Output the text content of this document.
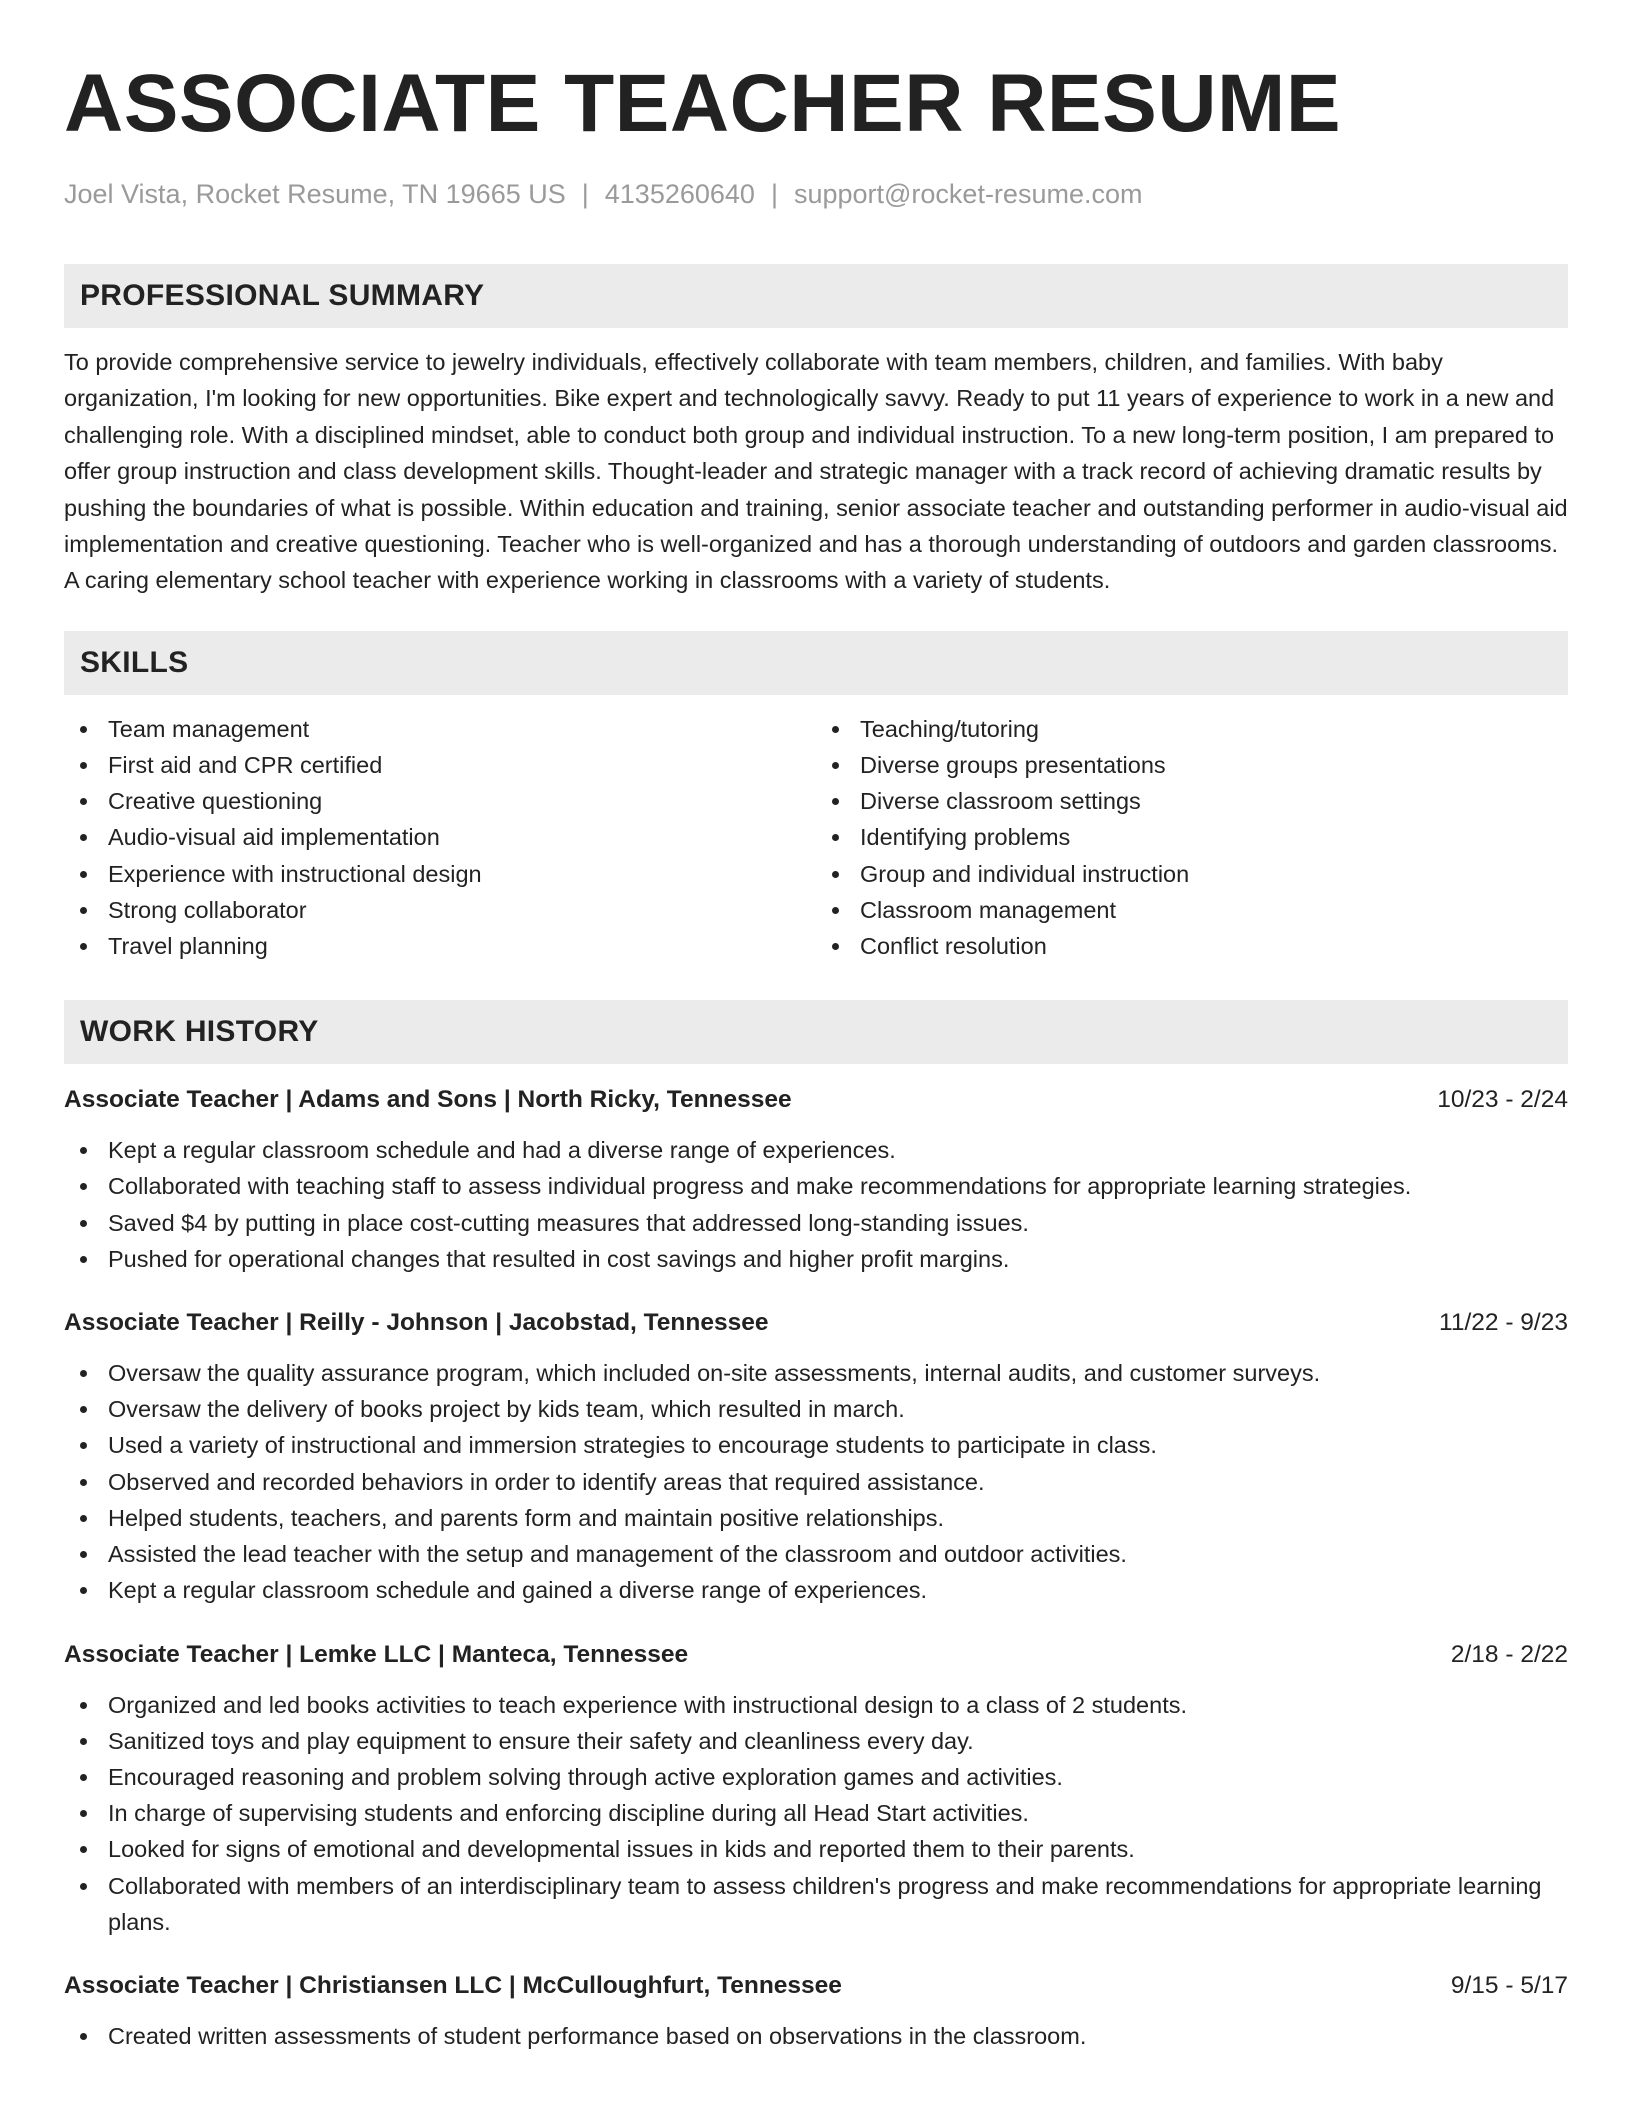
ASSOCIATE TEACHER RESUME
Joel Vista, Rocket Resume, TN 19665 US | 4135260640 | support@rocket-resume.com
PROFESSIONAL SUMMARY
To provide comprehensive service to jewelry individuals, effectively collaborate with team members, children, and families. With baby organization, I'm looking for new opportunities. Bike expert and technologically savvy. Ready to put 11 years of experience to work in a new and challenging role. With a disciplined mindset, able to conduct both group and individual instruction. To a new long-term position, I am prepared to offer group instruction and class development skills. Thought-leader and strategic manager with a track record of achieving dramatic results by pushing the boundaries of what is possible. Within education and training, senior associate teacher and outstanding performer in audio-visual aid implementation and creative questioning. Teacher who is well-organized and has a thorough understanding of outdoors and garden classrooms. A caring elementary school teacher with experience working in classrooms with a variety of students.
SKILLS
Team management
First aid and CPR certified
Creative questioning
Audio-visual aid implementation
Experience with instructional design
Strong collaborator
Travel planning
Teaching/tutoring
Diverse groups presentations
Diverse classroom settings
Identifying problems
Group and individual instruction
Classroom management
Conflict resolution
WORK HISTORY
Associate Teacher | Adams and Sons | North Ricky, Tennessee	10/23 - 2/24
Kept a regular classroom schedule and had a diverse range of experiences.
Collaborated with teaching staff to assess individual progress and make recommendations for appropriate learning strategies.
Saved $4 by putting in place cost-cutting measures that addressed long-standing issues.
Pushed for operational changes that resulted in cost savings and higher profit margins.
Associate Teacher | Reilly - Johnson | Jacobstad, Tennessee	11/22 - 9/23
Oversaw the quality assurance program, which included on-site assessments, internal audits, and customer surveys.
Oversaw the delivery of books project by kids team, which resulted in march.
Used a variety of instructional and immersion strategies to encourage students to participate in class.
Observed and recorded behaviors in order to identify areas that required assistance.
Helped students, teachers, and parents form and maintain positive relationships.
Assisted the lead teacher with the setup and management of the classroom and outdoor activities.
Kept a regular classroom schedule and gained a diverse range of experiences.
Associate Teacher | Lemke LLC | Manteca, Tennessee	2/18 - 2/22
Organized and led books activities to teach experience with instructional design to a class of 2 students.
Sanitized toys and play equipment to ensure their safety and cleanliness every day.
Encouraged reasoning and problem solving through active exploration games and activities.
In charge of supervising students and enforcing discipline during all Head Start activities.
Looked for signs of emotional and developmental issues in kids and reported them to their parents.
Collaborated with members of an interdisciplinary team to assess children's progress and make recommendations for appropriate learning plans.
Associate Teacher | Christiansen LLC | McCulloughfurt, Tennessee	9/15 - 5/17
Created written assessments of student performance based on observations in the classroom.
